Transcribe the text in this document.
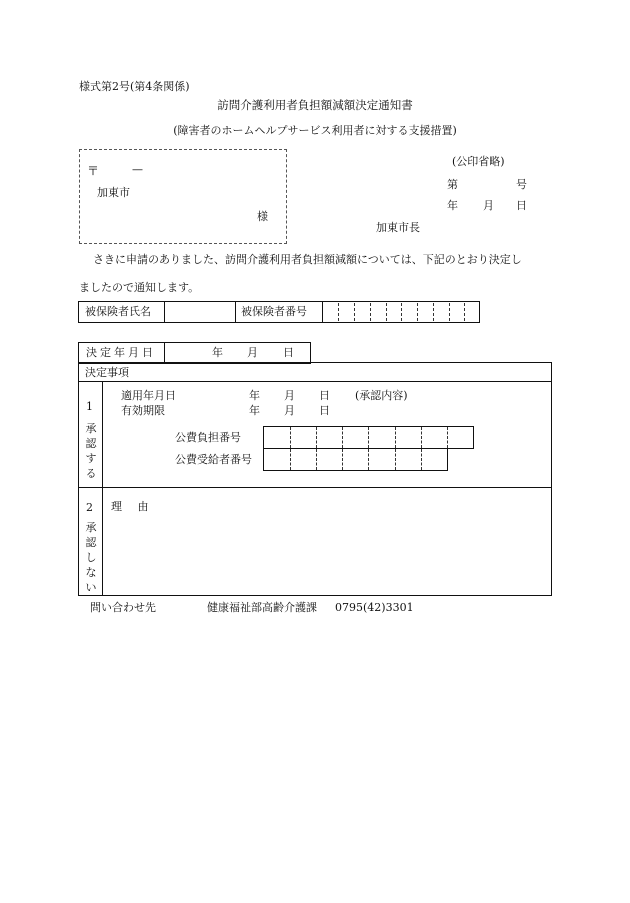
様式第2号(第4条関係)
訪問介護利用者負担額減額決定通知書
(障害者のホームヘルプサービス利用者に対する支援措置)
〒	—
加東市
様
(公印省略)
第	号
年 月 日
加東市長
さきに申請のありました、訪問介護利用者負担額減額については、下記のとおり決定し
ましたので通知します。
被保険者氏名	被保険者番号
決定年月日	年 月 日
決定事項
1
承認する
適用年月日	年 月 日 (承認内容)
有効期限	年 月 日
公費負担番号
公費受給者番号
2
承認しない
理 由
問い合わせ先	健康福祉部高齢介護課 0795(42)3301
